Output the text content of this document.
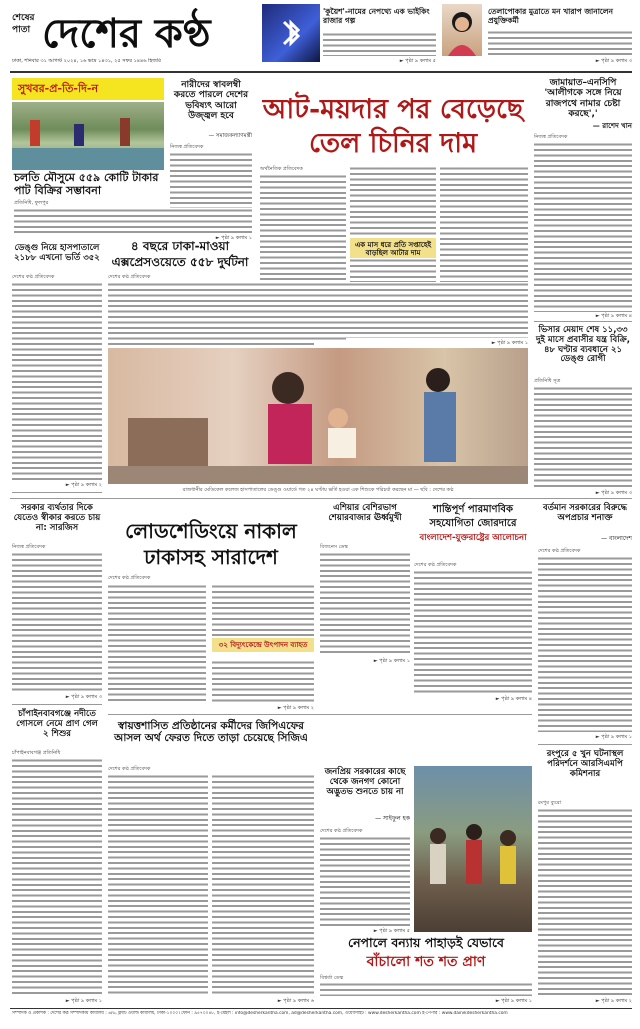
শেষের পাতা দেশের কণ্ঠ
ঢাকা, শনিবার ৩১ আগস্ট ২০২৪, ১৬ ভাদ্র ১৪৩১, ২৫ সফর ১৪৪৬ হিজরি
'কুয়ৈশ'-নামের নেপথ্যে এক ভাইকিং রাজার গল্প
► পৃষ্ঠা ৯ কলাম ৫
তেলাপোকার মুত্রাতে মন খারাপ জানালেন প্রযুক্তিকর্মী
► পৃষ্ঠা ৯ কলাম ৩
সুখবর-প্র-তি-দি-ন	নারীদের স্বাবলম্বী করতে পারলে দেশের ভবিষ্যৎ আরো উজ্জ্বল হবে
— সমাজকল্যাণমন্ত্রী
নিজস্ব প্রতিবেদক
চলতি মৌসুমে ৫৫৯ কোটি টাকার পাট বিক্রির সম্ভাবনা
প্রতিনিধি, ফুলপুর
► পৃষ্ঠা ৯ কলাম ১
আট-ময়দার পর বেড়েছে
তেল চিনির দাম
অর্থনৈতিক প্রতিবেদক
এক মাস ধরে প্রতি সপ্তাহেই বাড়ছিল আটার দাম
► পৃষ্ঠা ৯ কলাম ১
জামায়াত–এনসিপি 'আলীগকে সঙ্গে নিয়ে রাজপথে নামার চেষ্টা করছে','
— রাশেদ খান
নিজস্ব প্রতিবেদক
► পৃষ্ঠা ৯ কলাম ৪
ডেঙ্গু নিয়ে হাসপাতালে ২১৮৮ এখনো ভর্তি ৩৫২
দেশের কণ্ঠ প্রতিবেদক
► পৃষ্ঠা ৯ কলাম ২
৪ বছরে ঢাকা-মাওয়া
এক্সপ্রেসওয়েতে ৫৫৮ দুর্ঘটনা
দেশের কণ্ঠ প্রতিবেদক
রাজধানীর মেডিকেল কলেজ হাসপাতালের ডেঙ্গু ওয়ার্ডে গত ২৪ ঘণ্টায় ভর্তি হওয়া এক শিশুকে পরিচর্যা করছেন মা — ছবি : দেশের কণ্ঠ
ভিসার মেয়াদ শেষ ১১,৩৩ দুই মাসে প্রবাসীর যন্ত্র বিক্রি, ৪৮ ঘণ্টার ব্যবধানে ২১ ডেঙ্গু রোগী
প্রতিনিধি সূত্র
► পৃষ্ঠা ৯ কলাম ৩
সরকার ব্যর্থতার দিকে যেতেও স্বীকার করতে চায় না: সারজিস
নিজস্ব প্রতিবেদক
► পৃষ্ঠা ৯ কলাম ৩
এশিয়ার বেশিরভাগ শেয়ারবাজার ঊর্ধ্বমুখী
বিজনেস ডেস্ক
► পৃষ্ঠা ৯ কলাম ১
শান্তিপূর্ণ পারমাণবিক
সহযোগিতা জোরদারে
বাংলাদেশ-যুক্তরাষ্ট্রের আলোচনা
দেশের কণ্ঠ প্রতিবেদক
► পৃষ্ঠা ৯ কলাম ৪
বর্তমান সরকারের বিরুদ্ধে অপপ্রচার শনাক্ত
— বাংলাদেশ
দেশের কণ্ঠ প্রতিবেদক
► পৃষ্ঠা ৯ কলাম ১
লোডশেডিংয়ে নাকাল
ঢাকাসহ সারাদেশ
দেশের কণ্ঠ প্রতিবেদক
৩২ বিদ্যুৎকেন্দ্রে উৎপাদন ব্যাহত
► পৃষ্ঠা ৯ কলাম ২
চাঁপাইনবাবগঞ্জে নদীতে গোসলে নেমে প্রাণ গেল ২ শিশুর
চাঁপাইনবাবগঞ্জ প্রতিনিধি
► পৃষ্ঠা ৯ কলাম ১
স্বায়ত্তশাসিত প্রতিষ্ঠানের কর্মীদের জিপিএফের আসল অর্থ ফেরত দিতে তাড়া চেয়েছে সিজিএ
দেশের কণ্ঠ প্রতিবেদক
► পৃষ্ঠা ৯ কলাম ৬
জনপ্রিয় সরকারের কাছে থেকে জনগণ কোনো অদ্ভুতভ শুনতে চায় না
— সাইফুল হক
দেশের কণ্ঠ প্রতিবেদক
► পৃষ্ঠা ৯ কলাম ৫
নেপালে বন্যায় পাহাড়ই যেভাবে
বাঁচালো শত শত প্রাণ
বিশ্বর্তা ডেস্ক
► পৃষ্ঠা ৯ কলাম ১
রংপুরে ৫ খুন ঘটনাস্থল পরিদর্শনে আরসিএমপি কমিশনার
রংপুর ব্যুরো
► পৃষ্ঠা ৯ কলাম ২
সম্পাদক ও প্রকাশক : দেশের কণ্ঠ সম্পাদকীয় কার্যালয় : ৬/৬, ফ্ল্যাট ওয়ার্ল্ড কার্যালয়, ঢাকা-১০০০। ফোন : ৯৫৭০০৪৮, ই-মেইল : info@desherkantha.com, ad@desherkantha.com, ওয়েবসাইট : www.desherkantha.com ই-পেপার : www.dainikdesherkantha.com
